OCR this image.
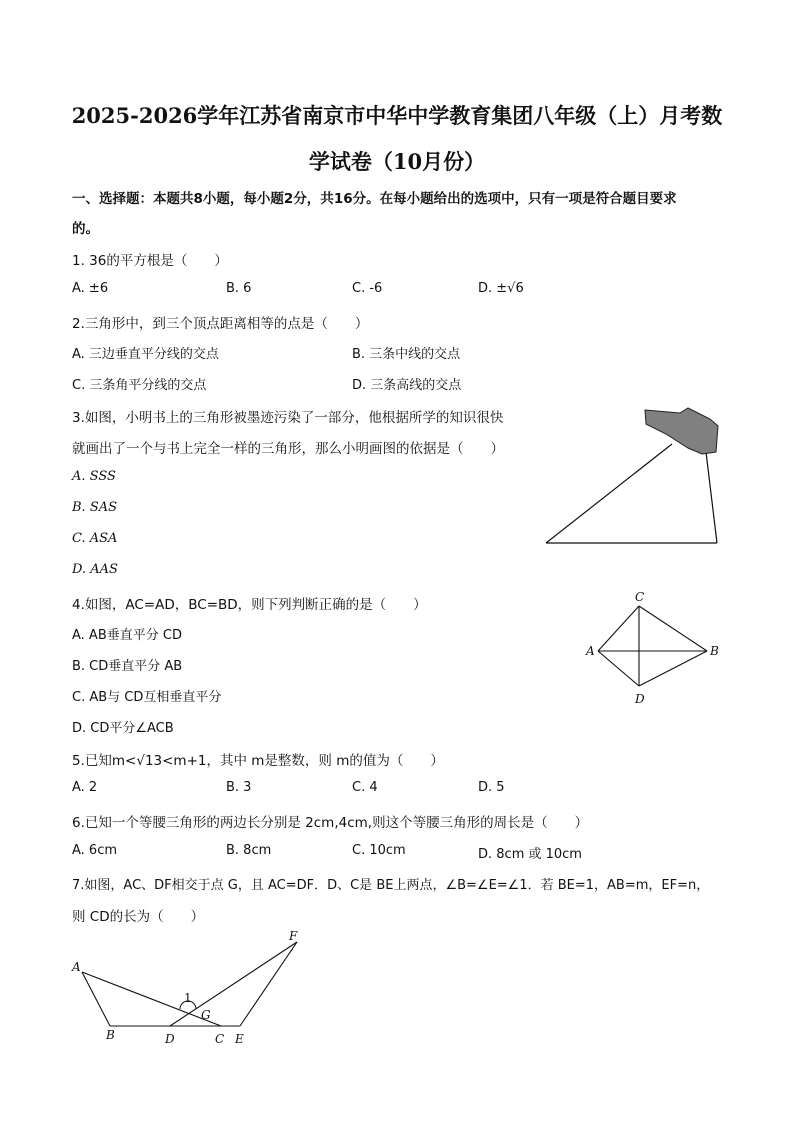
2025-2026学年江苏省南京市中华中学教育集团八年级（上）月考数
学试卷（10月份）
一、选择题：本题共8小题，每小题2分，共16分。在每小题给出的选项中，只有一项是符合题目要求
的。
1. 36的平方根是（　　）
A. ±6	B. 6	C. -6	D. ±√6
2.三角形中，到三个顶点距离相等的点是（　　）
A. 三边垂直平分线的交点	B. 三条中线的交点
C. 三条角平分线的交点	D. 三条高线的交点
3.如图，小明书上的三角形被墨迹污染了一部分，他根据所学的知识很快
就画出了一个与书上完全一样的三角形，那么小明画图的依据是（　　）
A. SSS
B. SAS
C. ASA
D. AAS
4.如图，AC=AD，BC=BD，则下列判断正确的是（　　）
A. AB垂直平分 CD
B. CD垂直平分 AB
C. AB与 CD互相垂直平分
D. CD平分∠ACB
C
A	B
D
5.已知m<√13<m+1，其中 m是整数，则 m的值为（　　）
A. 2	B. 3	C. 4	D. 5
6.已知一个等腰三角形的两边长分别是 2cm,4cm,则这个等腰三角形的周长是（　　）
A. 6cm	B. 8cm	C. 10cm	D. 8cm 或 10cm
7.如图，AC、DF相交于点 G，且 AC=DF．D、C是 BE上两点，∠B=∠E=∠1．若 BE=1，AB=m，EF=n，
则 CD的长为（　　）
A
B	D	C E
F
G
1
